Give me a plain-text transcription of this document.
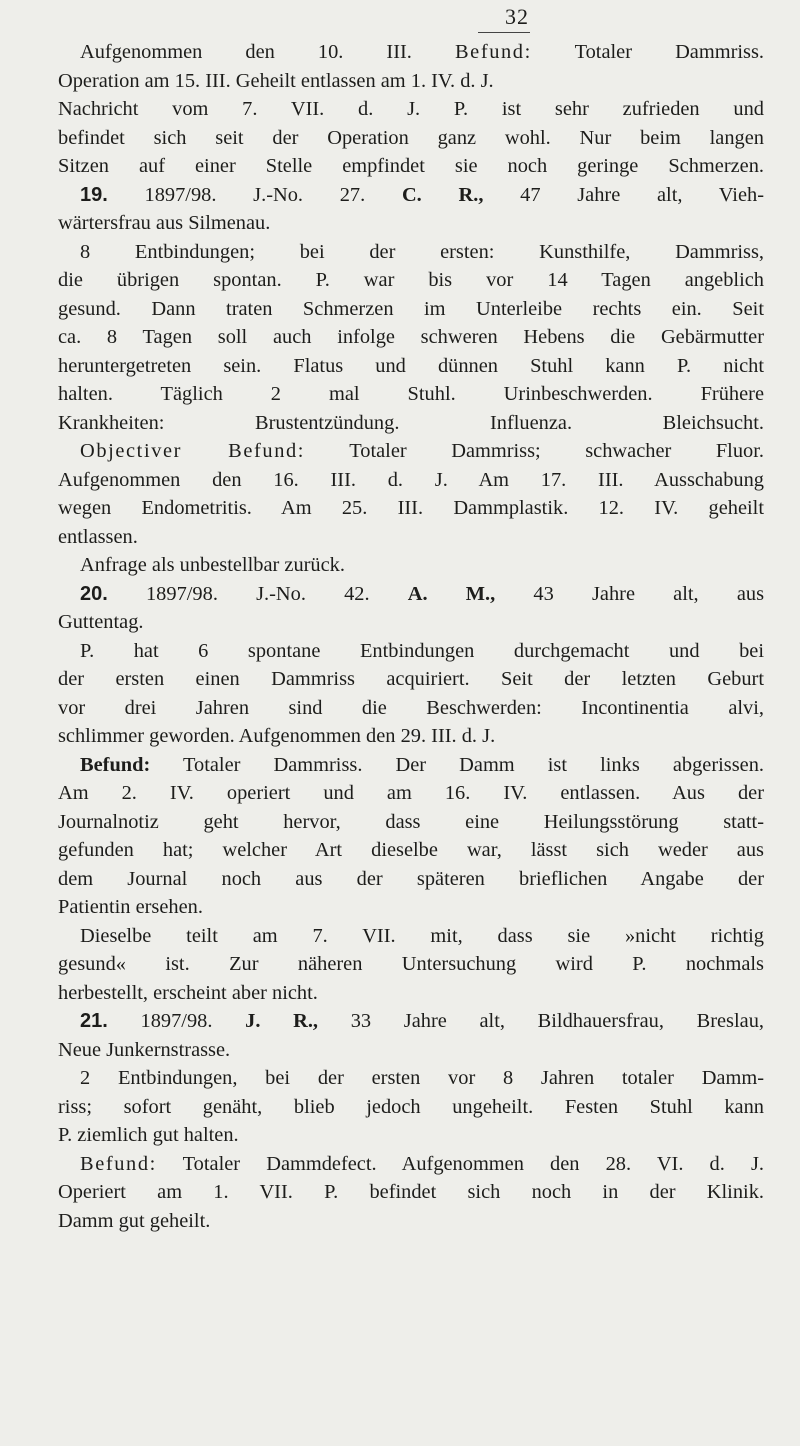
32
Aufgenommen den 10. III. Befund: Totaler Dammriss.
Operation am 15. III. Geheilt entlassen am 1. IV. d. J.
Nachricht vom 7. VII. d. J. P. ist sehr zufrieden und
befindet sich seit der Operation ganz wohl. Nur beim langen
Sitzen auf einer Stelle empfindet sie noch geringe Schmerzen.
19. 1897/98. J.-No. 27. C. R., 47 Jahre alt, Vieh-
wärtersfrau aus Silmenau.
8 Entbindungen; bei der ersten: Kunsthilfe, Dammriss,
die übrigen spontan. P. war bis vor 14 Tagen angeblich
gesund. Dann traten Schmerzen im Unterleibe rechts ein. Seit
ca. 8 Tagen soll auch infolge schweren Hebens die Gebärmutter
heruntergetreten sein. Flatus und dünnen Stuhl kann P. nicht
halten. Täglich 2 mal Stuhl. Urinbeschwerden. Frühere
Krankheiten: Brustentzündung. Influenza. Bleichsucht.
Objectiver Befund: Totaler Dammriss; schwacher Fluor.
Aufgenommen den 16. III. d. J. Am 17. III. Ausschabung
wegen Endometritis. Am 25. III. Dammplastik. 12. IV. geheilt
entlassen.
Anfrage als unbestellbar zurück.
20. 1897/98. J.-No. 42. A. M., 43 Jahre alt, aus
Guttentag.
P. hat 6 spontane Entbindungen durchgemacht und bei
der ersten einen Dammriss acquiriert. Seit der letzten Geburt
vor drei Jahren sind die Beschwerden: Incontinentia alvi,
schlimmer geworden. Aufgenommen den 29. III. d. J.
Befund: Totaler Dammriss. Der Damm ist links abgerissen.
Am 2. IV. operiert und am 16. IV. entlassen. Aus der
Journalnotiz geht hervor, dass eine Heilungsstörung statt-
gefunden hat; welcher Art dieselbe war, lässt sich weder aus
dem Journal noch aus der späteren brieflichen Angabe der
Patientin ersehen.
Dieselbe teilt am 7. VII. mit, dass sie »nicht richtig
gesund« ist. Zur näheren Untersuchung wird P. nochmals
herbestellt, erscheint aber nicht.
21. 1897/98. J. R., 33 Jahre alt, Bildhauersfrau, Breslau,
Neue Junkernstrasse.
2 Entbindungen, bei der ersten vor 8 Jahren totaler Damm-
riss; sofort genäht, blieb jedoch ungeheilt. Festen Stuhl kann
P. ziemlich gut halten.
Befund: Totaler Dammdefect. Aufgenommen den 28. VI. d. J.
Operiert am 1. VII. P. befindet sich noch in der Klinik.
Damm gut geheilt.
